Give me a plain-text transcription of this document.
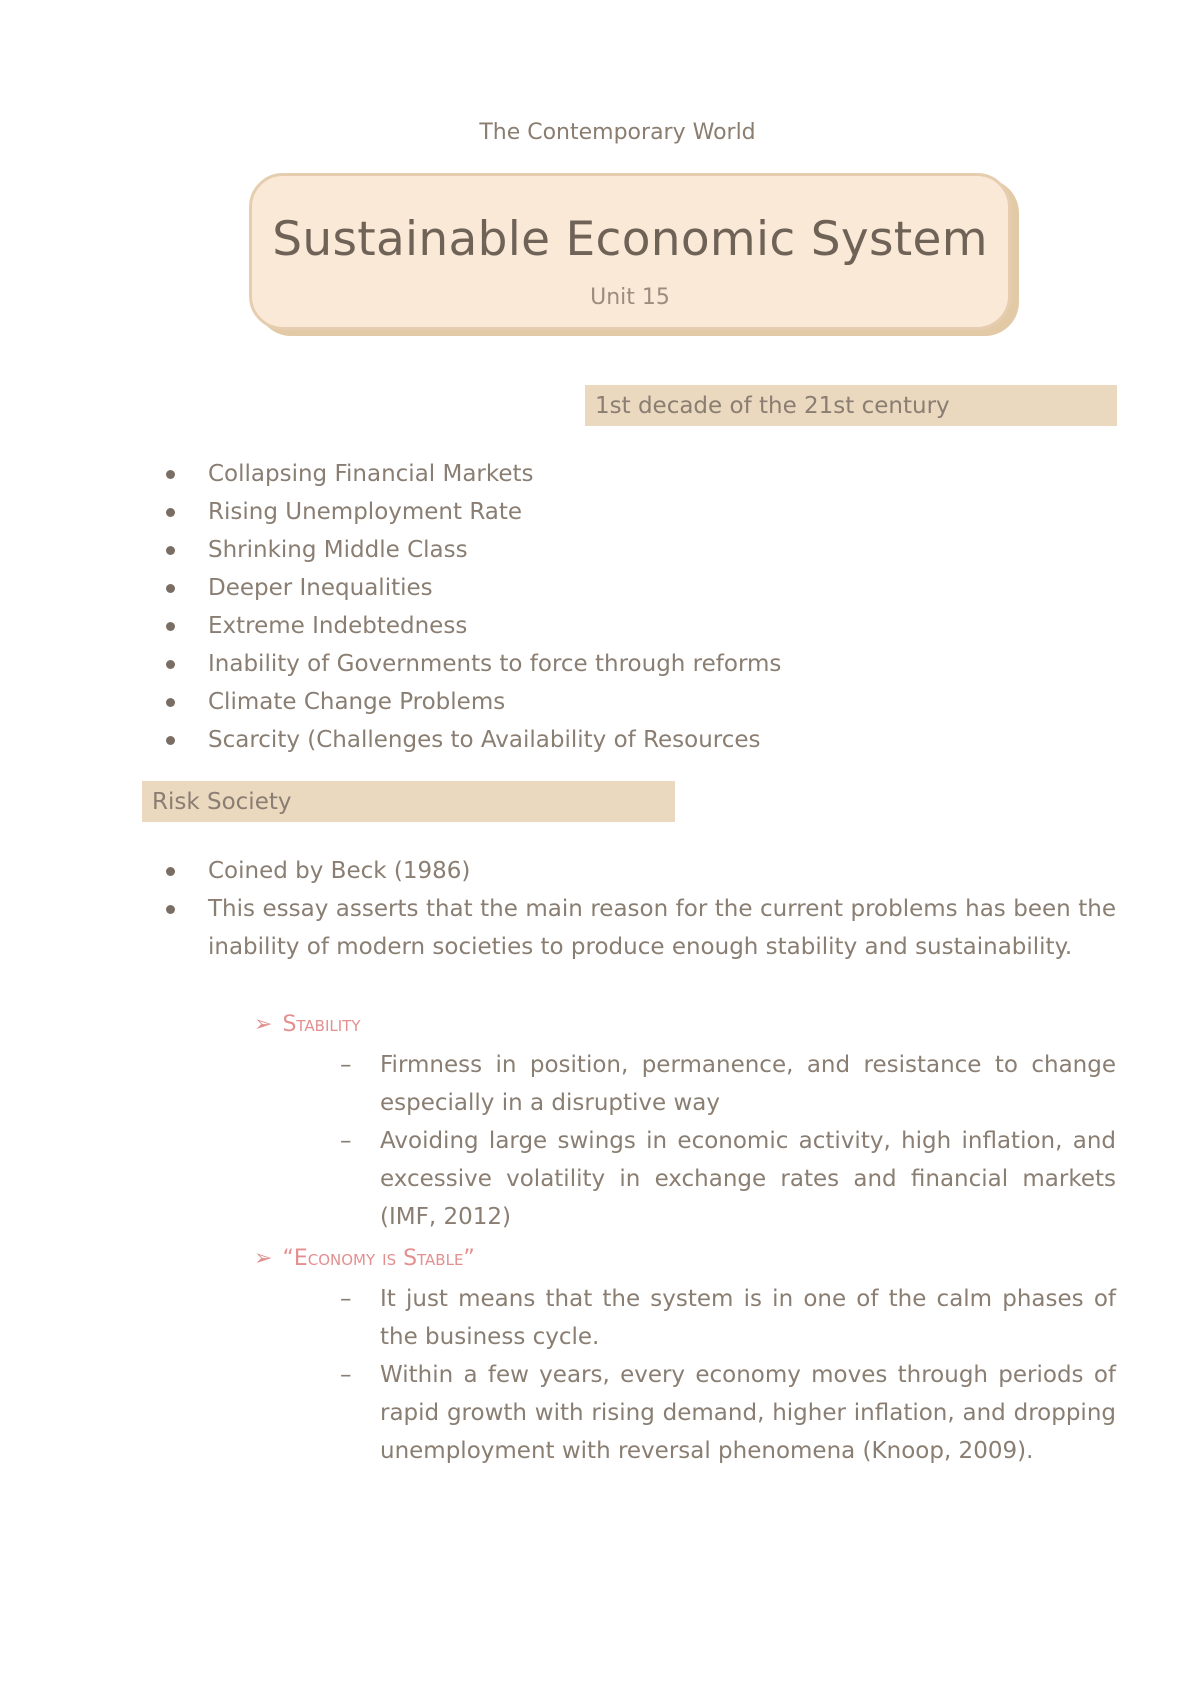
The Contemporary World
Sustainable Economic System
Unit 15
1st decade of the 21st century
Collapsing Financial Markets
Rising Unemployment Rate
Shrinking Middle Class
Deeper Inequalities
Extreme Indebtedness
Inability of Governments to force through reforms
Climate Change Problems
Scarcity (Challenges to Availability of Resources
Risk Society
Coined by Beck (1986)
This essay asserts that the main reason for the current problems has been the inability of modern societies to produce enough stability and sustainability.
➢ Stability
– Firmness in position, permanence, and resistance to change especially in a disruptive way
– Avoiding large swings in economic activity, high inflation, and excessive volatility in exchange rates and financial markets (IMF, 2012)
➢ “Economy is Stable”
– It just means that the system is in one of the calm phases of the business cycle.
– Within a few years, every economy moves through periods of rapid growth with rising demand, higher inflation, and dropping unemployment with reversal phenomena (Knoop, 2009).
